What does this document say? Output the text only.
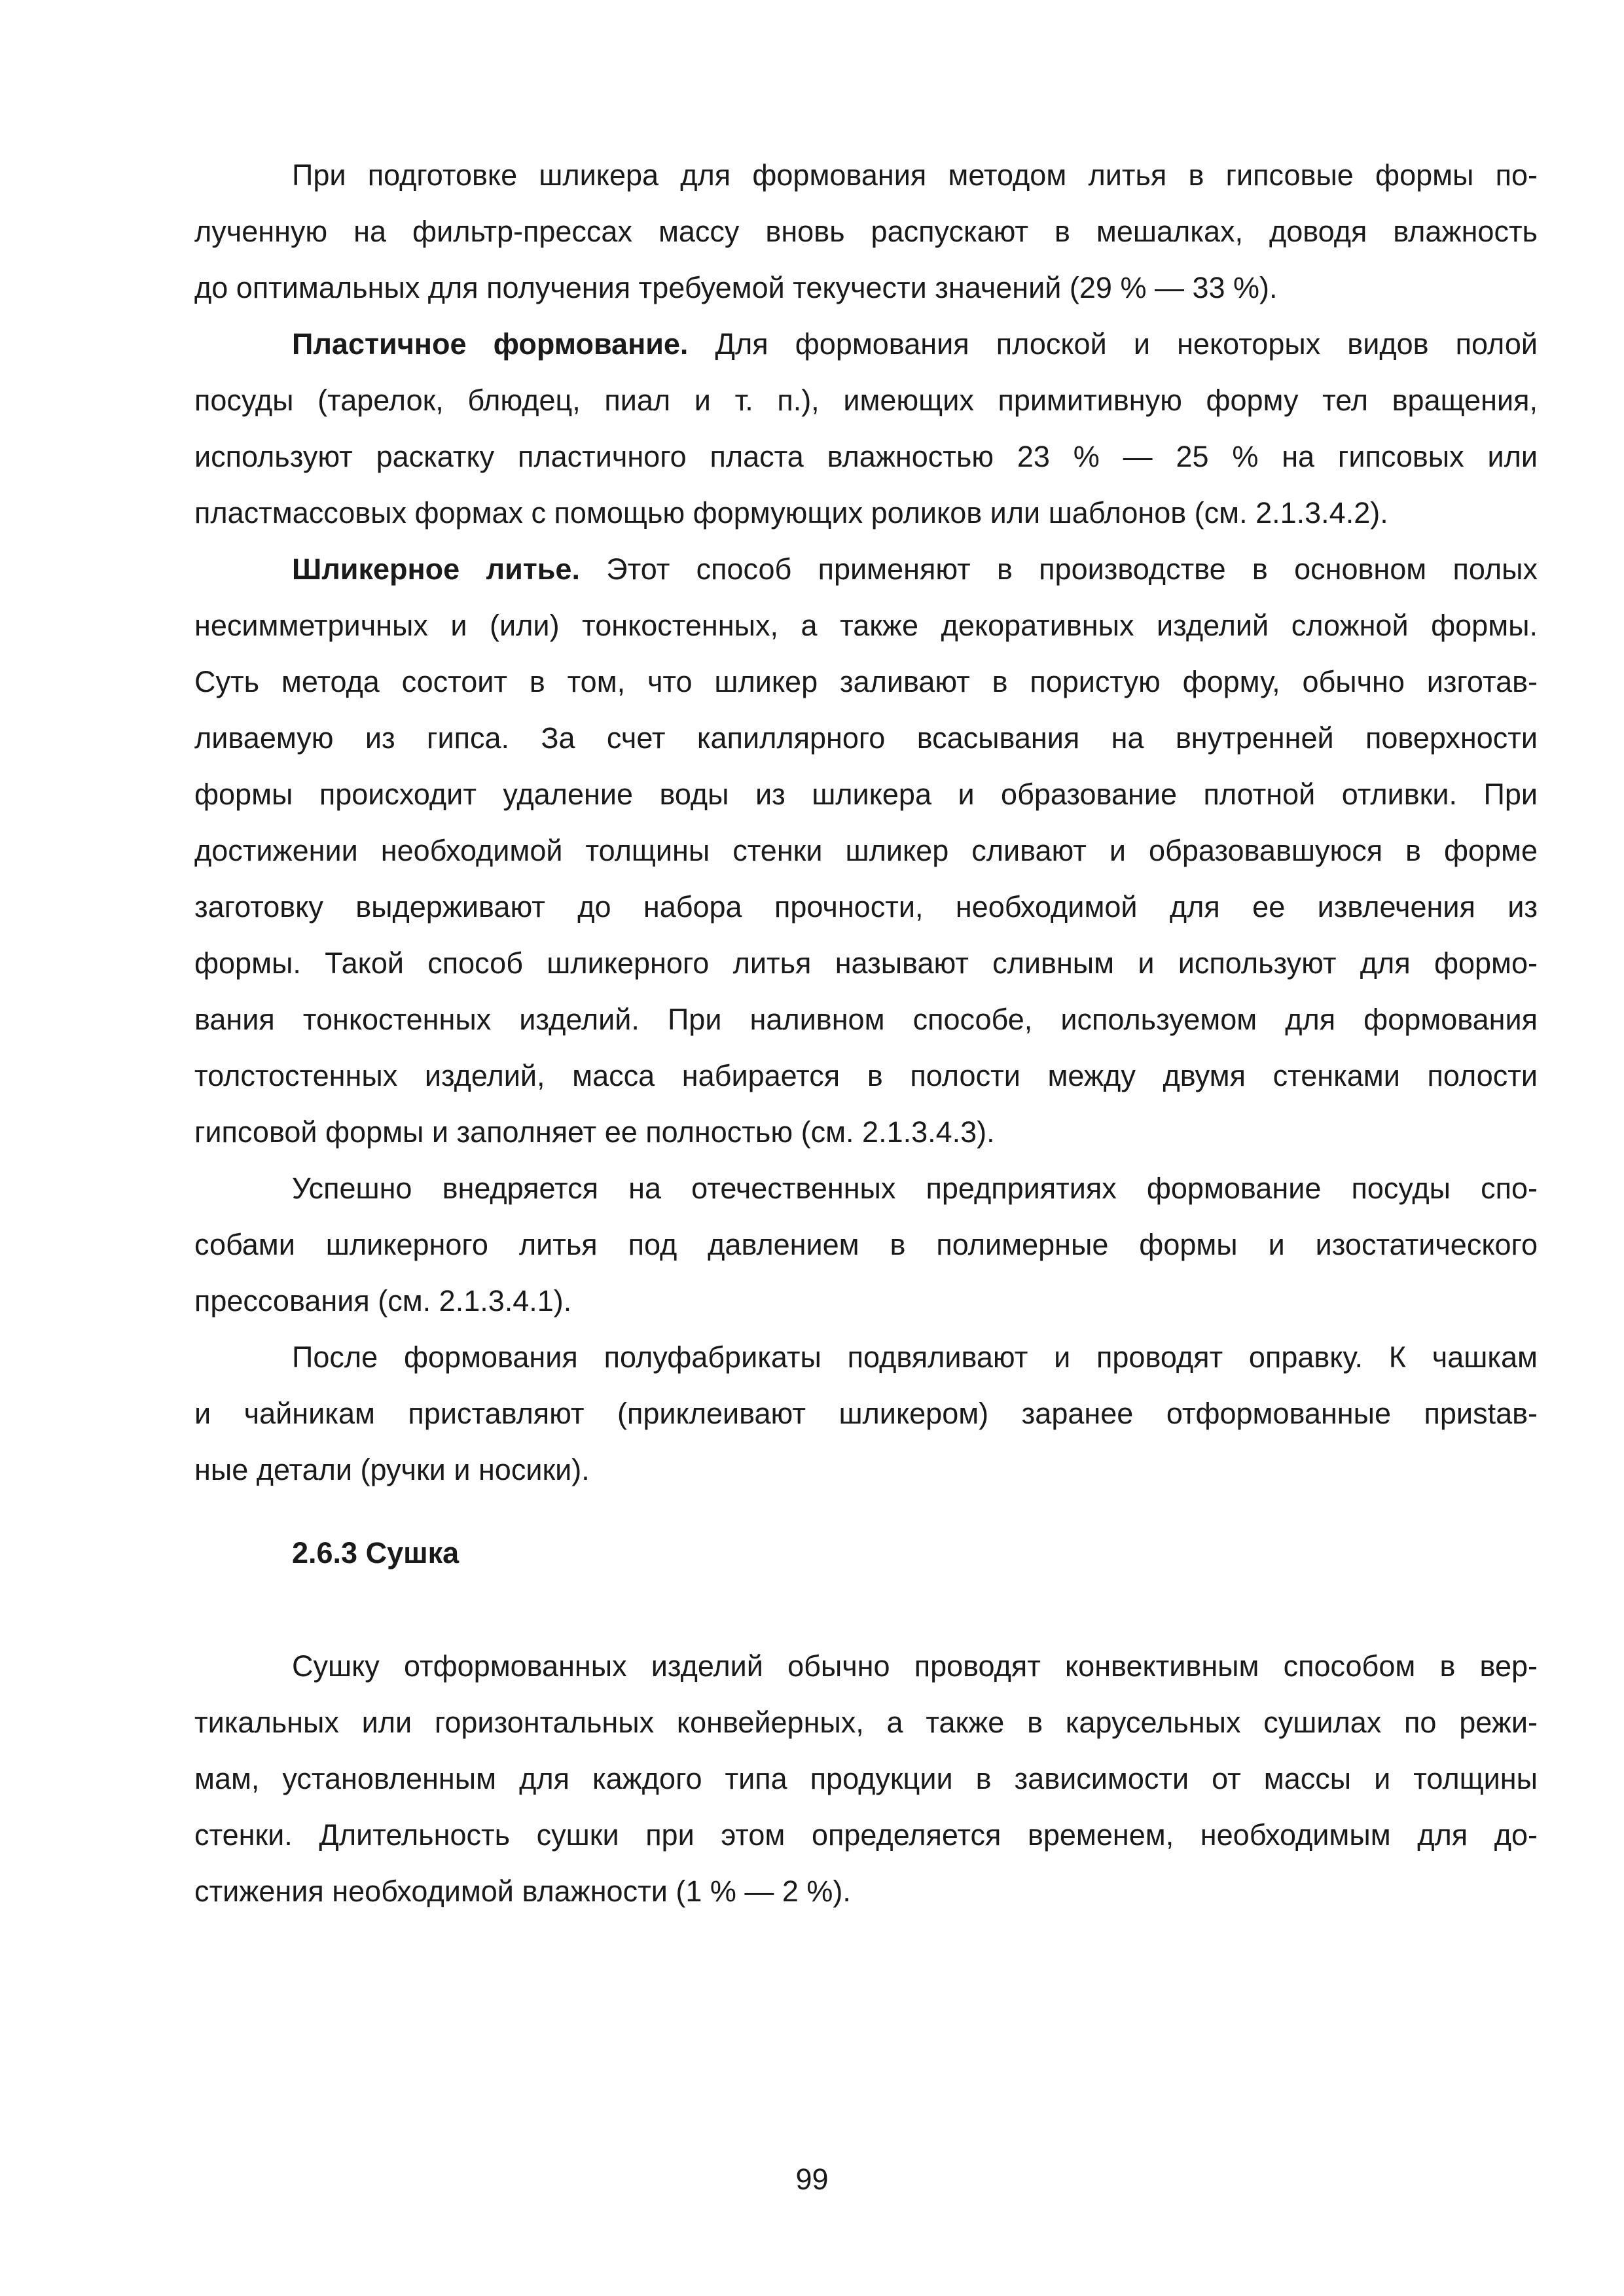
При подготовке шликера для формования методом литья в гипсовые формы по-
лученную на фильтр-прессах массу вновь распускают в мешалках, доводя влажность
до оптимальных для получения требуемой текучести значений (29 % — 33 %).
Пластичное формование. Для формования плоской и некоторых видов полой
посуды (тарелок, блюдец, пиал и т. п.), имеющих примитивную форму тел вращения,
используют раскатку пластичного пласта влажностью 23 % — 25 % на гипсовых или
пластмассовых формах с помощью формующих роликов или шаблонов (см. 2.1.3.4.2).
Шликерное литье. Этот способ применяют в производстве в основном полых
несимметричных и (или) тонкостенных, а также декоративных изделий сложной формы.
Суть метода состоит в том, что шликер заливают в пористую форму, обычно изготав-
ливаемую из гипса. За счет капиллярного всасывания на внутренней поверхности
формы происходит удаление воды из шликера и образование плотной отливки. При
достижении необходимой толщины стенки шликер сливают и образовавшуюся в форме
заготовку выдерживают до набора прочности, необходимой для ее извлечения из
формы. Такой способ шликерного литья называют сливным и используют для формо-
вания тонкостенных изделий. При наливном способе, используемом для формования
толстостенных изделий, масса набирается в полости между двумя стенками полости
гипсовой формы и заполняет ее полностью (см. 2.1.3.4.3).
Успешно внедряется на отечественных предприятиях формование посуды спо-
собами шликерного литья под давлением в полимерные формы и изостатического
прессования (см. 2.1.3.4.1).
После формования полуфабрикаты подвяливают и проводят оправку. К чашкам
и чайникам приставляют (приклеивают шликером) заранее отформованные приstав-
ные детали (ручки и носики).
2.6.3 Сушка
Сушку отформованных изделий обычно проводят конвективным способом в вер-
тикальных или горизонтальных конвейерных, а также в карусельных сушилах по режи-
мам, установленным для каждого типа продукции в зависимости от массы и толщины
стенки. Длительность сушки при этом определяется временем, необходимым для до-
стижения необходимой влажности (1 % — 2 %).
99
